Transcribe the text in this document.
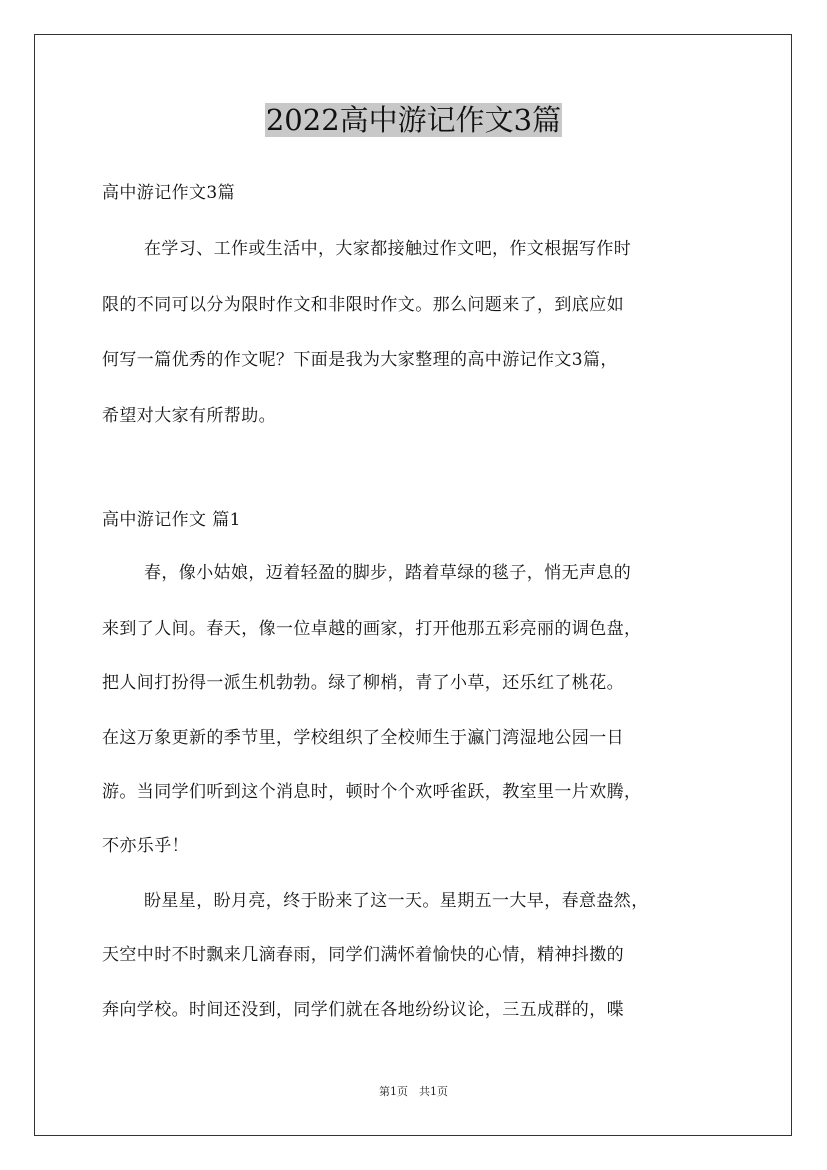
2022高中游记作文3篇
高中游记作文3篇
在学习、工作或生活中，大家都接触过作文吧，作文根据写作时
限的不同可以分为限时作文和非限时作文。那么问题来了，到底应如
何写一篇优秀的作文呢？下面是我为大家整理的高中游记作文3篇，
希望对大家有所帮助。
高中游记作文 篇1
春，像小姑娘，迈着轻盈的脚步，踏着草绿的毯子，悄无声息的
来到了人间。春天，像一位卓越的画家，打开他那五彩亮丽的调色盘，
把人间打扮得一派生机勃勃。绿了柳梢，青了小草，还乐红了桃花。
在这万象更新的季节里，学校组织了全校师生于瀛门湾湿地公园一日
游。当同学们听到这个消息时，顿时个个欢呼雀跃，教室里一片欢腾，
不亦乐乎！
盼星星，盼月亮，终于盼来了这一天。星期五一大早，春意盎然，
天空中时不时飘来几滴春雨，同学们满怀着愉快的心情，精神抖擞的
奔向学校。时间还没到，同学们就在各地纷纷议论，三五成群的，喋
第1页　共1页
